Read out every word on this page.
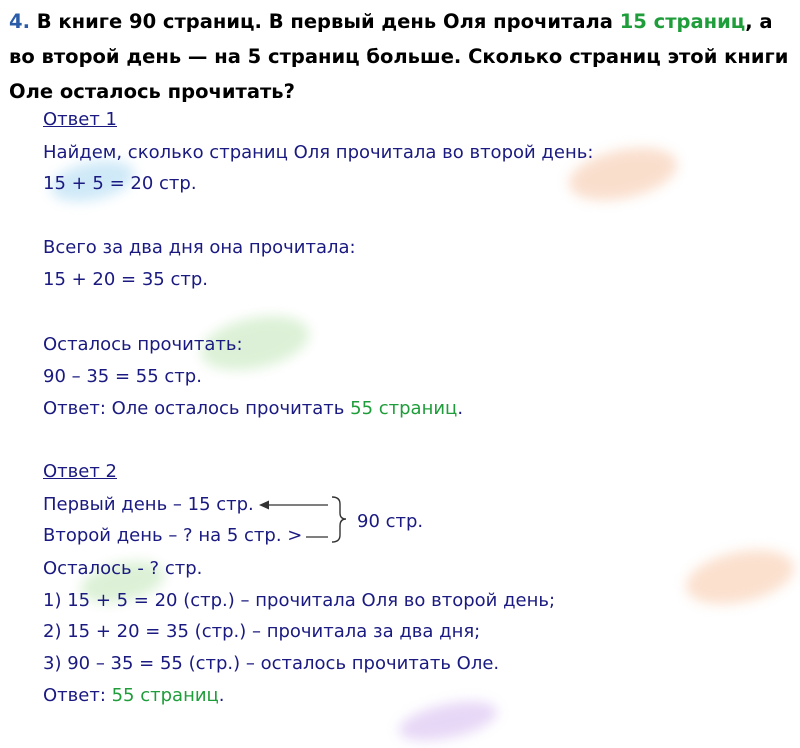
4. В книге 90 страниц. В первый день Оля прочитала 15 страниц, а во второй день — на 5 страниц больше. Сколько страниц этой книги Оле осталось прочитать?
Ответ 1
Найдем, сколько страниц Оля прочитала во второй день:
15 + 5 = 20 стр.
Всего за два дня она прочитала:
15 + 20 = 35 стр.
Осталось прочитать:
90 – 35 = 55 стр.
Ответ: Оле осталось прочитать 55 страниц.
Ответ 2
Первый день – 15 стр.
Второй день – ? на 5 стр. >
90 стр.
Осталось - ? стр.
1) 15 + 5 = 20 (стр.) – прочитала Оля во второй день;
2) 15 + 20 = 35 (стр.) – прочитала за два дня;
3) 90 – 35 = 55 (стр.) – осталось прочитать Оле.
Ответ: 55 страниц.
